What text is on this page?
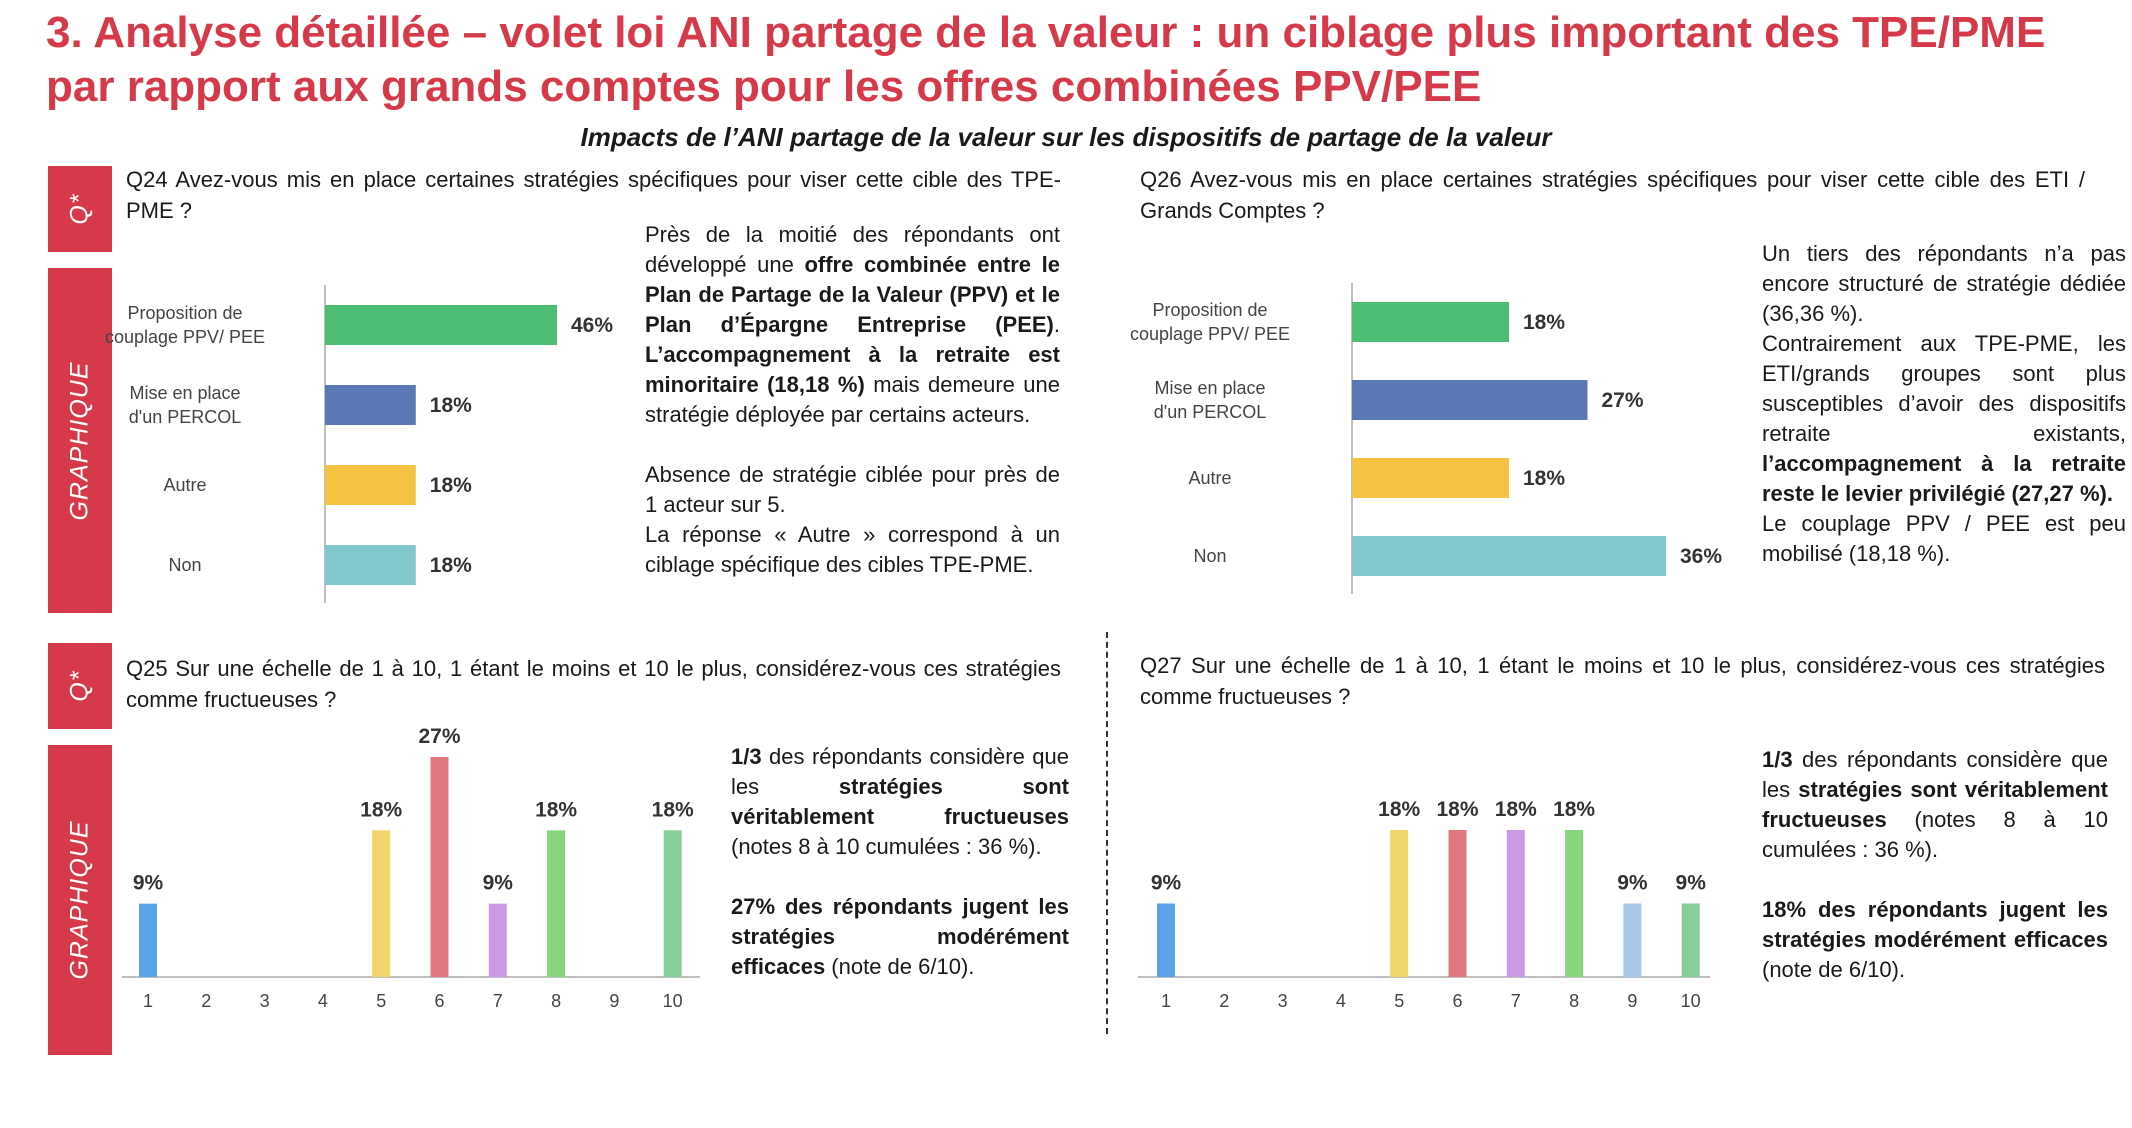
3. Analyse détaillée – volet loi ANI partage de la valeur : un ciblage plus important des TPE/PME par rapport aux grands comptes pour les offres combinées PPV/PEE
Impacts de l’ANI partage de la valeur sur les dispositifs de partage de la valeur
Q*
GRAPHIQUE
Q*
GRAPHIQUE
Q24 Avez-vous mis en place certaines stratégies spécifiques pour viser cette cible des TPE-PME ?
Q26 Avez-vous mis en place certaines stratégies spécifiques pour viser cette cible des ETI / Grands Comptes ?
Q25 Sur une échelle de 1 à 10, 1 étant le moins et 10 le plus, considérez-vous ces stratégies comme fructueuses ?
Q27 Sur une échelle de 1 à 10, 1 étant le moins et 10 le plus, considérez-vous ces stratégies comme fructueuses ?

Près de la moitié des répondants ont développé une offre combinée entre le Plan de Partage de la Valeur (PPV) et le Plan d’Épargne Entreprise (PEE). L’accompagnement à la retraite est minoritaire (18,18 %) mais demeure une stratégie déployée par certains acteurs.

Absence de stratégie ciblée pour près de 1 acteur sur 5.

La réponse « Autre » correspond à un ciblage spécifique des cibles TPE-PME.

Un tiers des répondants n’a pas encore structuré de stratégie dédiée (36,36 %).

Contrairement aux TPE-PME, les ETI/grands groupes sont plus susceptibles d’avoir des dispositifs retraite existants, l’accompagnement à la retraite reste le levier privilégié (27,27 %).

Le couplage PPV / PEE est peu mobilisé (18,18 %).

1/3 des répondants considère que les stratégies sont véritablement fructueuses (notes 8 à 10 cumulées : 36 %).

27% des répondants jugent les stratégies modérément efficaces (note de 6/10).

1/3 des répondants considère que les stratégies sont véritablement fructueuses (notes 8 à 10 cumulées : 36 %).

18% des répondants jugent les stratégies modérément efficaces (note de 6/10).

46%
Proposition de
couplage PPV/ PEE
18%
Mise en place
d'un PERCOL
18%
Autre
18%
Non
18%
Proposition de
couplage PPV/ PEE
27%
Mise en place
d'un PERCOL
18%
Autre
36%
Non
9%
1	2	3	4
18%
5
27%
6
9%
7
18%
8	9
18%
10
9%
1	2	3	4
18%
5
18%
6
18%
7
18%
8
9%
9
9%
10
